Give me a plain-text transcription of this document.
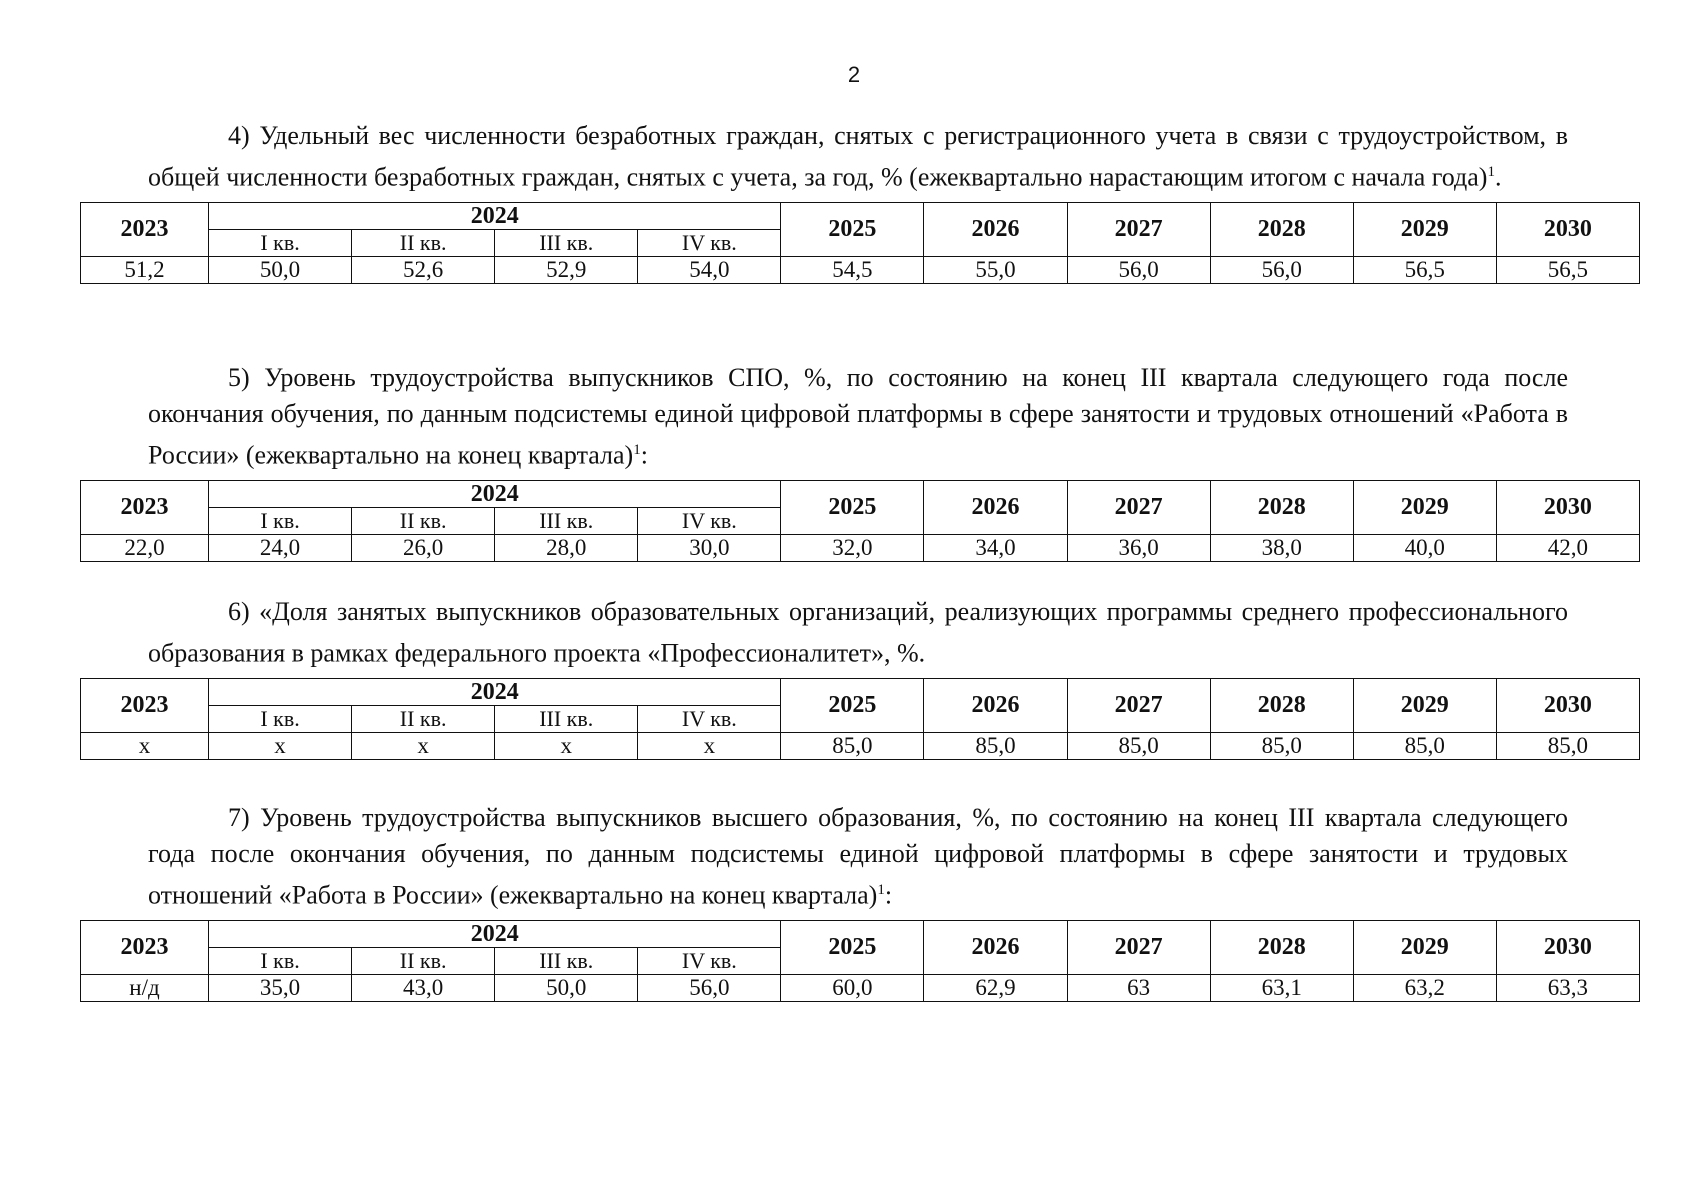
2

4) Удельный вес численности безработных граждан, снятых с регистрационного учета в связи с трудоустройством, в общей численности безработных граждан, снятых с учета, за год, % (ежеквартально нарастающим итогом с начала года)$^1$.

2023	2024				2025	2026	2027	2028	2029	2030
	I кв.	II кв.	III кв.	IV кв.						
51,2	50,0	52,6	52,9	54,0	54,5	55,0	56,0	56,0	56,5	56,5

5) Уровень трудоустройства выпускников СПО, %, по состоянию на конец III квартала следующего года после окончания обучения, по данным подсистемы единой цифровой платформы в сфере занятости и трудовых отношений «Работа в России» (ежеквартально на конец квартала)$^1$:

2023	2024				2025	2026	2027	2028	2029	2030
	I кв.	II кв.	III кв.	IV кв.						
22,0	24,0	26,0	28,0	30,0	32,0	34,0	36,0	38,0	40,0	42,0

6) «Доля занятых выпускников образовательных организаций, реализующих программы среднего профессионального образования в рамках федерального проекта «Профессионалитет», %.

2023	2024				2025	2026	2027	2028	2029	2030
	I кв.	II кв.	III кв.	IV кв.						
х	х	х	х	х	85,0	85,0	85,0	85,0	85,0	85,0

7) Уровень трудоустройства выпускников высшего образования, %, по состоянию на конец III квартала следующего года после окончания обучения, по данным подсистемы единой цифровой платформы в сфере занятости и трудовых отношений «Работа в России» (ежеквартально на конец квартала)$^1$:

2023	2024				2025	2026	2027	2028	2029	2030
	I кв.	II кв.	III кв.	IV кв.						
н/д	35,0	43,0	50,0	56,0	60,0	62,9	63	63,1	63,2	63,3
